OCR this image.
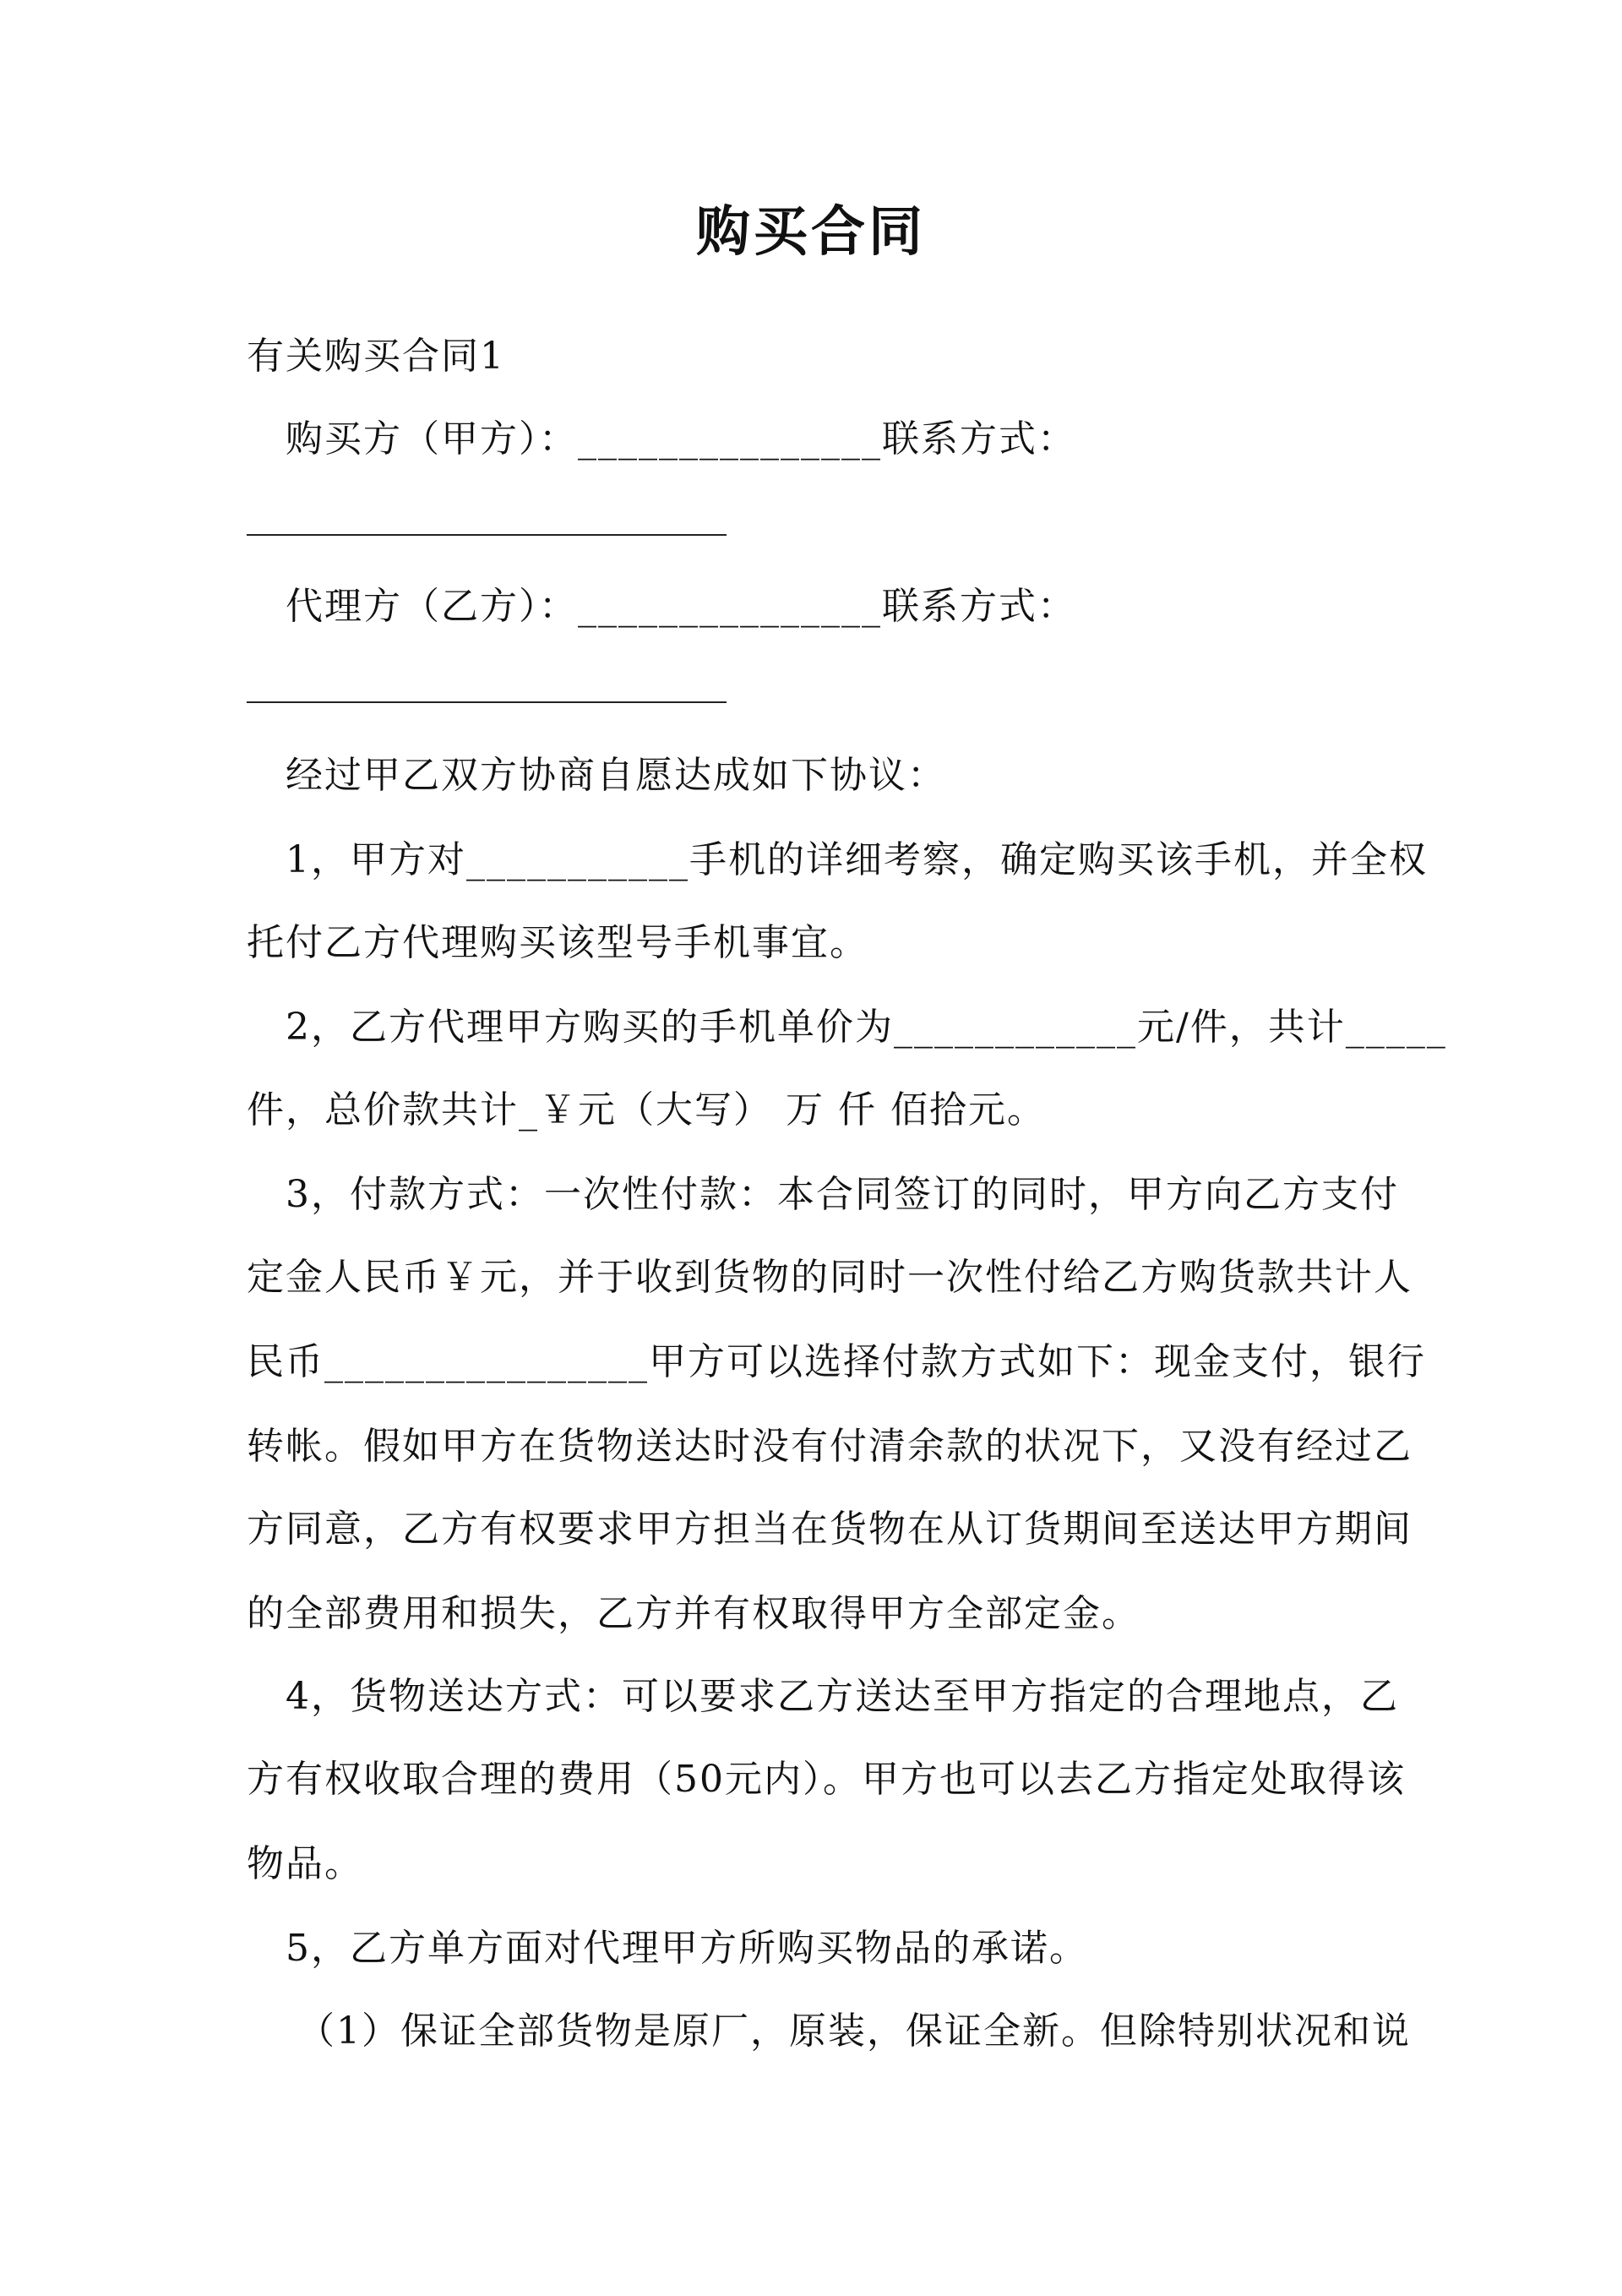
购买合同
有关购买合同1
购买方（甲方）：_______________联系方式：
代理方（乙方）：_______________联系方式：
经过甲乙双方协商自愿达成如下协议：
1，甲方对___________手机的详细考察，确定购买该手机，并全权
托付乙方代理购买该型号手机事宜。
2，乙方代理甲方购买的手机单价为____________元/件，共计_____
件，总价款共计_￥元（大写） 万 仟 佰拾元。
3，付款方式：一次性付款：本合同签订的同时，甲方向乙方支付
定金人民币￥元，并于收到货物的同时一次性付给乙方购货款共计人
民币________________甲方可以选择付款方式如下：现金支付，银行
转帐。假如甲方在货物送达时没有付清余款的状况下，又没有经过乙
方同意，乙方有权要求甲方担当在货物在从订货期间至送达甲方期间
的全部费用和损失，乙方并有权取得甲方全部定金。
4，货物送达方式：可以要求乙方送达至甲方指定的合理地点，乙
方有权收取合理的费用（50元内）。甲方也可以去乙方指定处取得该
物品。
5，乙方单方面对代理甲方所购买物品的承诺。
（1）保证全部货物是原厂，原装，保证全新。但除特别状况和说
